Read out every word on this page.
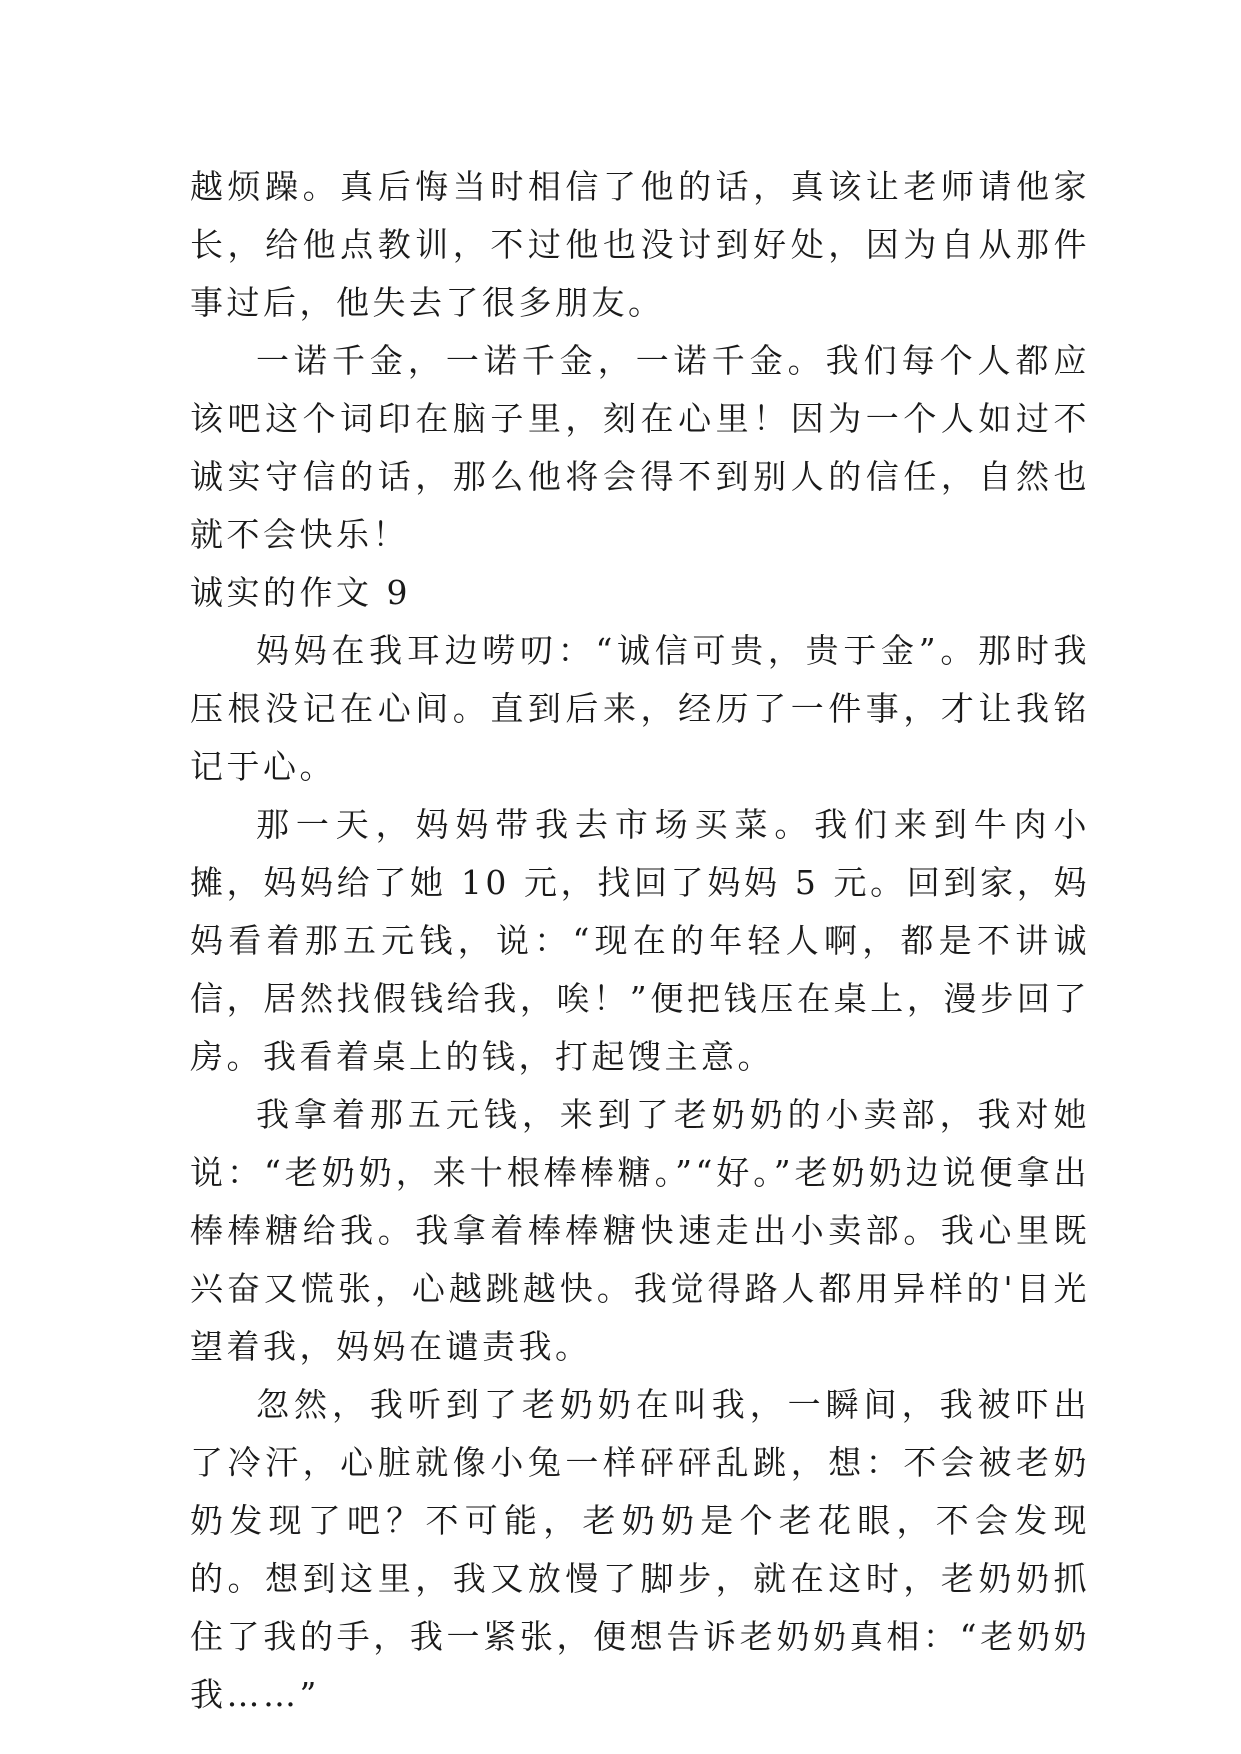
越烦躁。真后悔当时相信了他的话，真该让老师请他家长，给他点教训，不过他也没讨到好处，因为自从那件事过后，他失去了很多朋友。

一诺千金，一诺千金，一诺千金。我们每个人都应该吧这个词印在脑子里，刻在心里！因为一个人如过不诚实守信的话，那么他将会得不到别人的信任，自然也就不会快乐！

诚实的作文 9

妈妈在我耳边唠叨：“诚信可贵，贵于金”。那时我压根没记在心间。直到后来，经历了一件事，才让我铭记于心。

那一天，妈妈带我去市场买菜。我们来到牛肉小摊，妈妈给了她 10 元，找回了妈妈 5 元。回到家，妈妈看着那五元钱，说：“现在的年轻人啊，都是不讲诚信，居然找假钱给我，唉！”便把钱压在桌上，漫步回了房。我看着桌上的钱，打起馊主意。

我拿着那五元钱，来到了老奶奶的小卖部，我对她说：“老奶奶，来十根棒棒糖。”“好。”老奶奶边说便拿出棒棒糖给我。我拿着棒棒糖快速走出小卖部。我心里既兴奋又慌张，心越跳越快。我觉得路人都用异样的'目光望着我，妈妈在谴责我。

忽然，我听到了老奶奶在叫我，一瞬间，我被吓出了冷汗，心脏就像小兔一样砰砰乱跳，想：不会被老奶奶发现了吧？不可能，老奶奶是个老花眼，不会发现的。想到这里，我又放慢了脚步，就在这时，老奶奶抓住了我的手，我一紧张，便想告诉老奶奶真相：“老奶奶我……”
